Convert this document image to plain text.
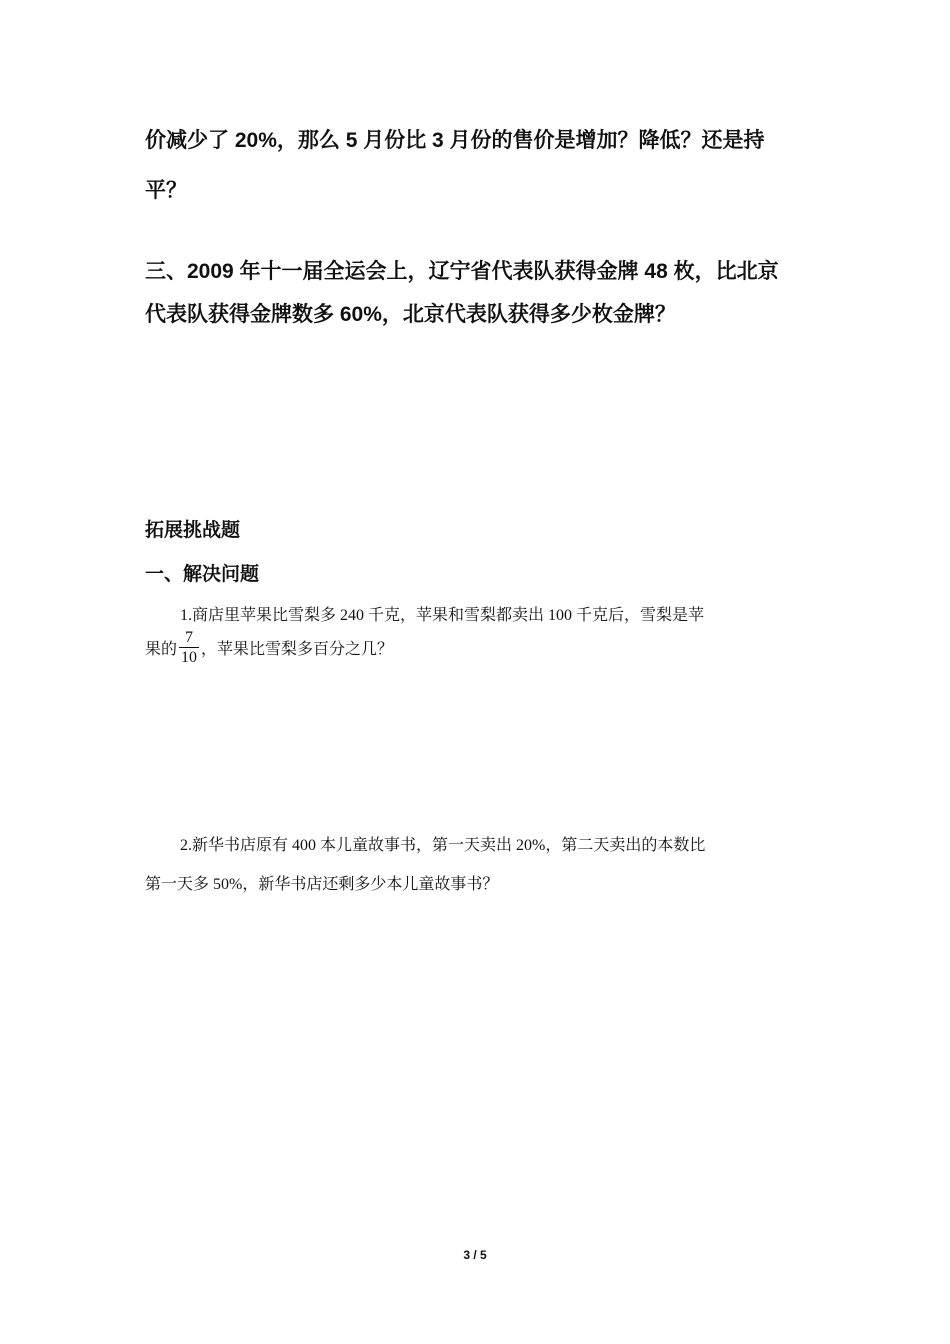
价减少了 20%，那么 5 月份比 3 月份的售价是增加？降低？还是持
平？
三、2009 年十一届全运会上，辽宁省代表队获得金牌 48 枚，比北京
代表队获得金牌数多 60%，北京代表队获得多少枚金牌？
拓展挑战题
一、解决问题
1.商店里苹果比雪梨多 240 千克，苹果和雪梨都卖出 100 千克后，雪梨是苹
果的 $\frac{7}{10}$ ，苹果比雪梨多百分之几？
2.新华书店原有 400 本儿童故事书，第一天卖出 20%，第二天卖出的本数比
第一天多 50%，新华书店还剩多少本儿童故事书？
3 / 5
